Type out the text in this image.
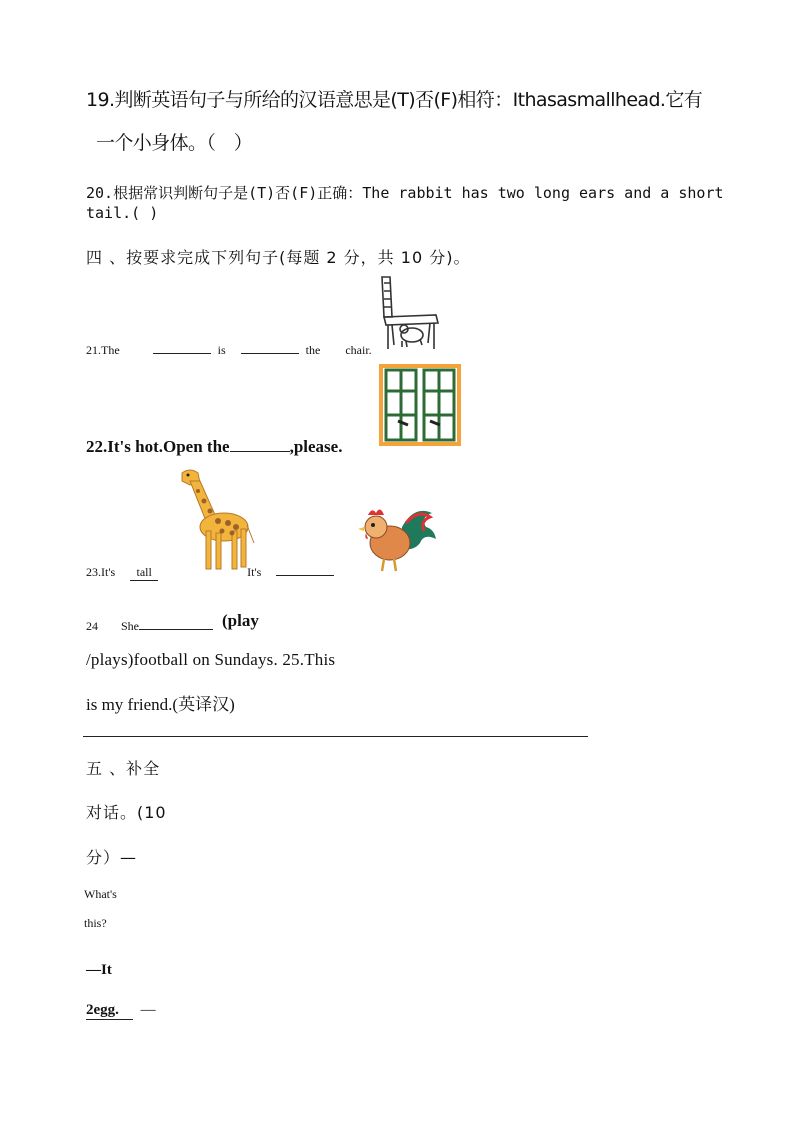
19.判断英语句子与所给的汉语意思是(T)否(F)相符：Ithasasmallhead.它有
一个小身体。（　）
20.根据常识判断句子是(T)否(F)正确：The rabbit has two long ears and a short
tail.( )
四 、按要求完成下列句子(每题 2 分，共 10 分)。
21.The	is	the chair.
22.It's hot.Open the	,please.
23.It's tall	It's
24 She	(play
/plays)football on Sundays. 25.This
is my friend.(英译汉)
五 、补全
对话。(10
分）—
What's
this?
—It
2egg. —
